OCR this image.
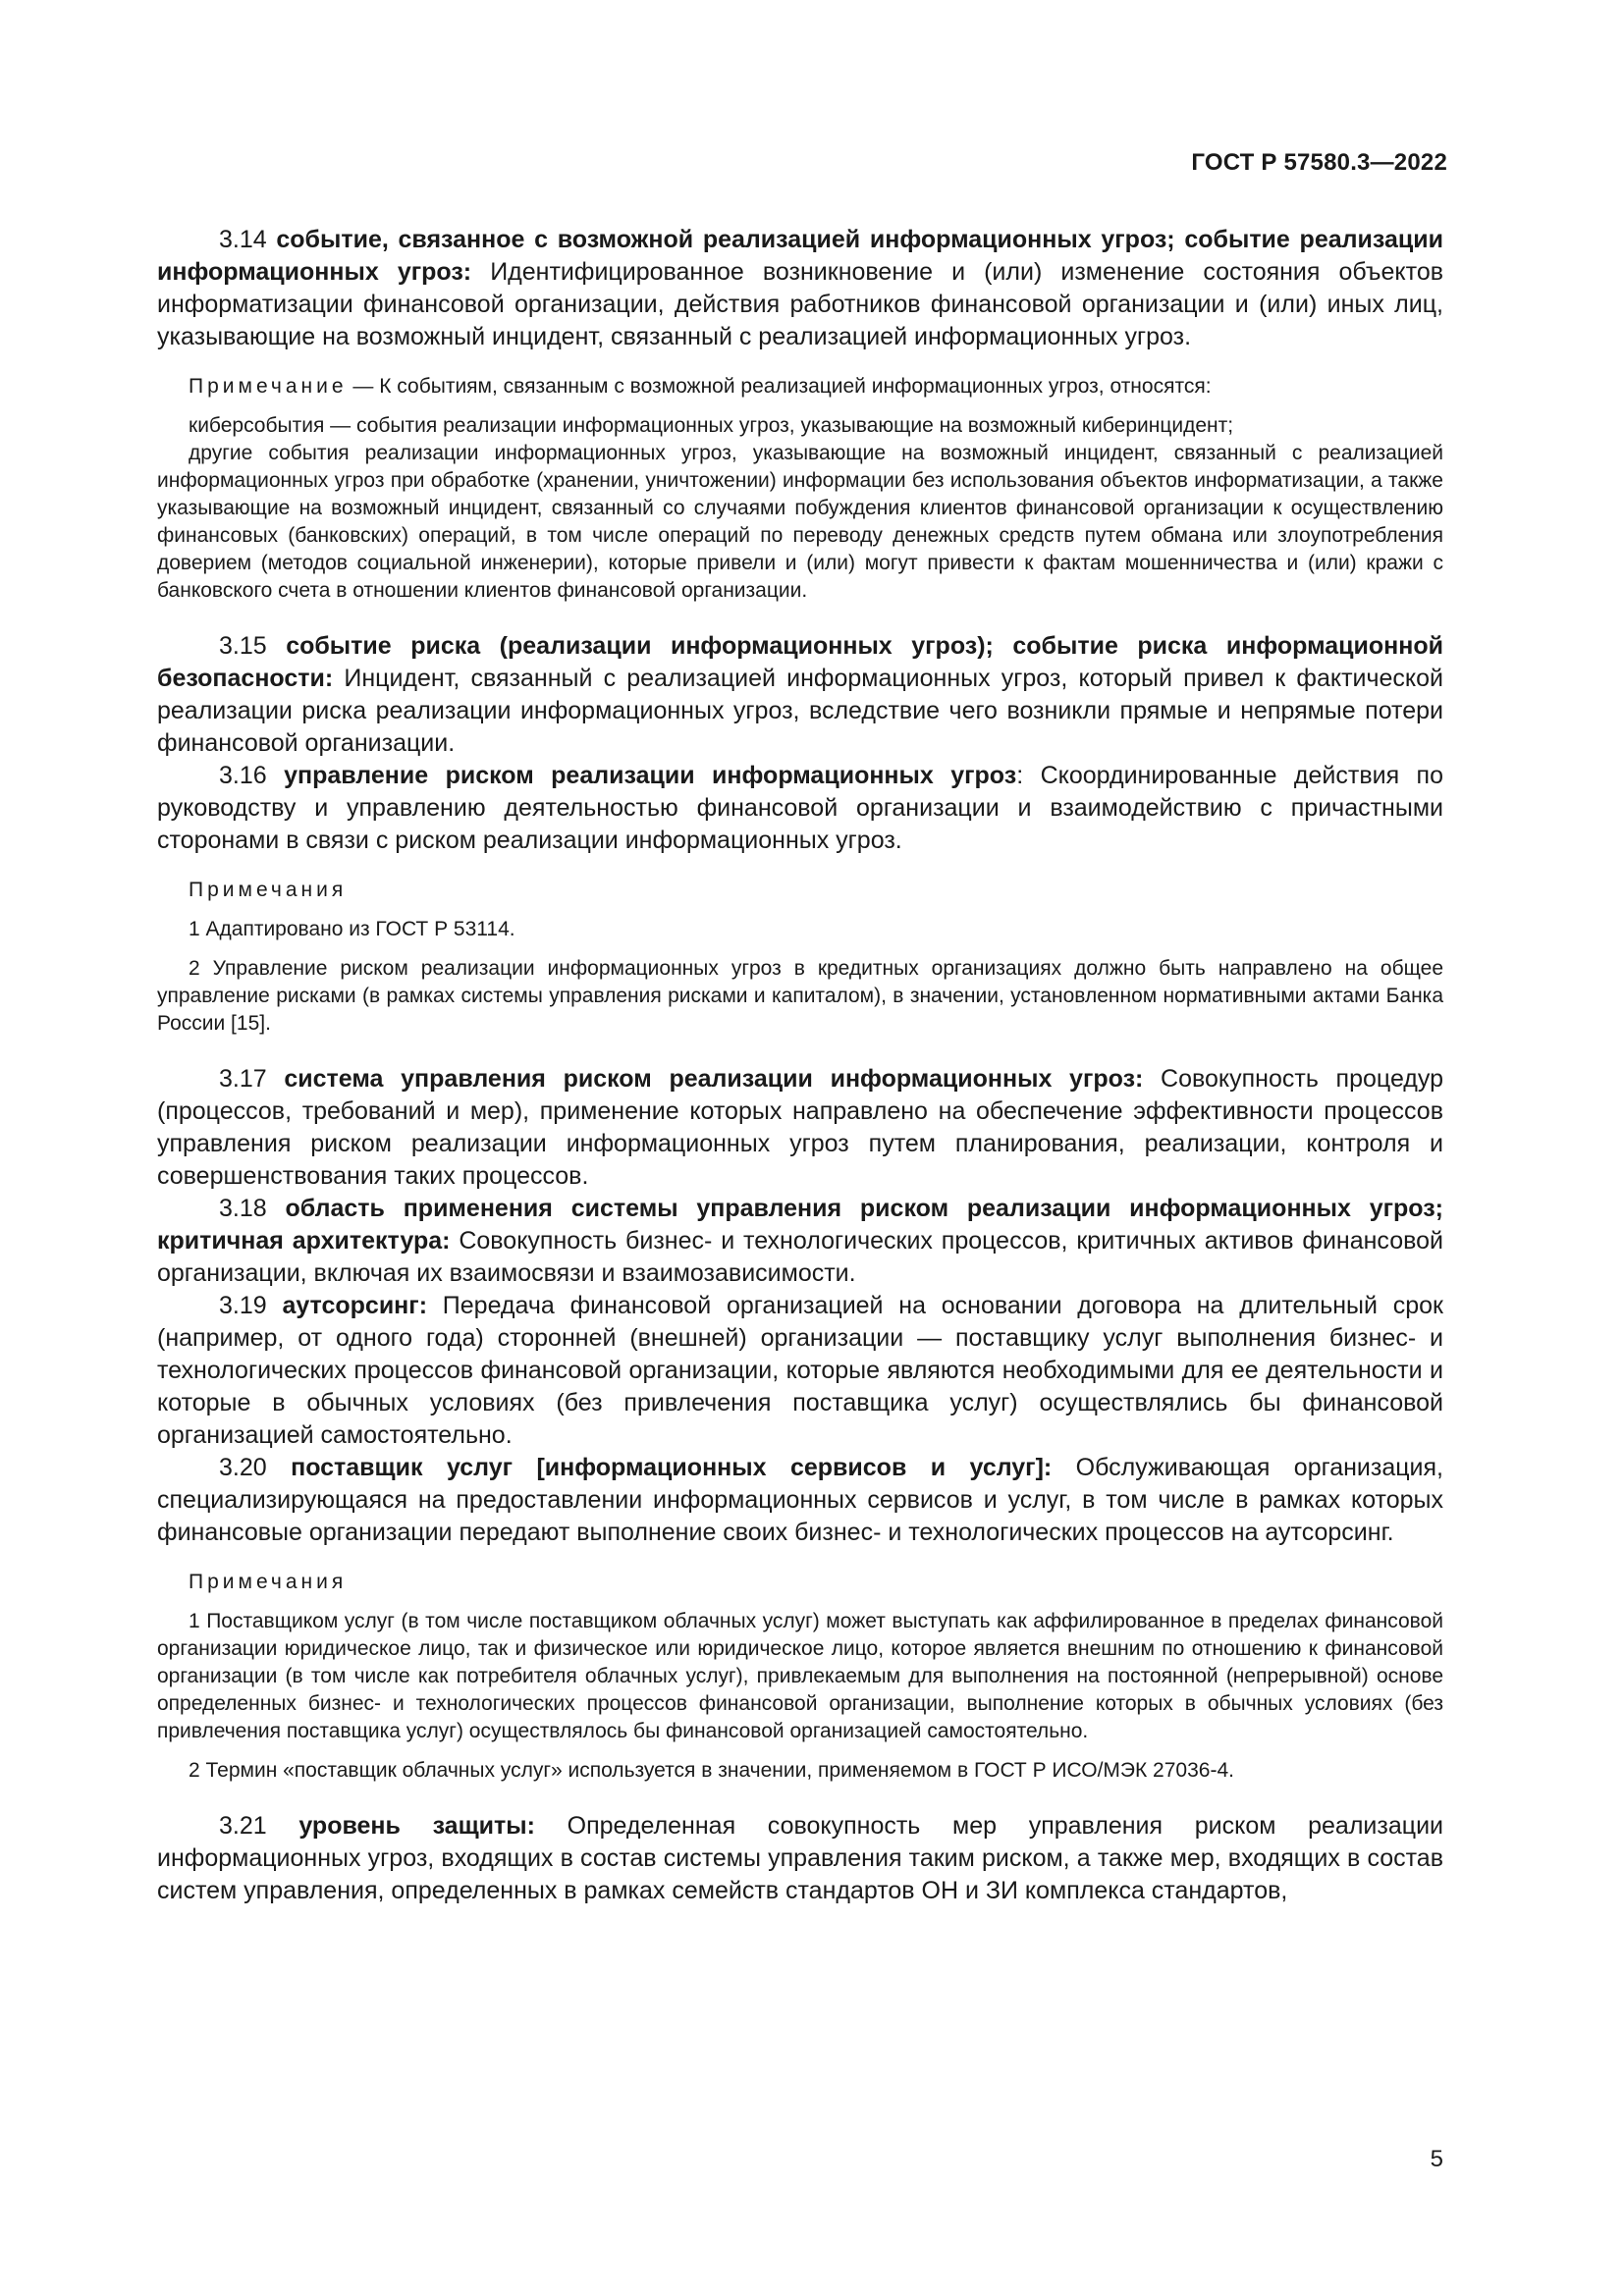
ГОСТ Р 57580.3—2022

3.14 событие, связанное с возможной реализацией информационных угроз; событие реализации информационных угроз: Идентифицированное возникновение и (или) изменение состояния объектов информатизации финансовой организации, действия работников финансовой организации и (или) иных лиц, указывающие на возможный инцидент, связанный с реализацией информационных угроз.

Примечание — К событиям, связанным с возможной реализацией информационных угроз, относятся:

киберсобытия — события реализации информационных угроз, указывающие на возможный киберинцидент;

другие события реализации информационных угроз, указывающие на возможный инцидент, связанный с реализацией информационных угроз при обработке (хранении, уничтожении) информации без использования объектов информатизации, а также указывающие на возможный инцидент, связанный со случаями побуждения клиентов финансовой организации к осуществлению финансовых (банковских) операций, в том числе операций по переводу денежных средств путем обмана или злоупотребления доверием (методов социальной инженерии), которые привели и (или) могут привести к фактам мошенничества и (или) кражи с банковского счета в отношении клиентов финансовой организации.

3.15 событие риска (реализации информационных угроз); событие риска информационной безопасности: Инцидент, связанный с реализацией информационных угроз, который привел к фактической реализации риска реализации информационных угроз, вследствие чего возникли прямые и непрямые потери финансовой организации.

3.16 управление риском реализации информационных угроз: Скоординированные действия по руководству и управлению деятельностью финансовой организации и взаимодействию с причастными сторонами в связи с риском реализации информационных угроз.

Примечания

1 Адаптировано из ГОСТ Р 53114.

2 Управление риском реализации информационных угроз в кредитных организациях должно быть направлено на общее управление рисками (в рамках системы управления рисками и капиталом), в значении, установленном нормативными актами Банка России [15].

3.17 система управления риском реализации информационных угроз: Совокупность процедур (процессов, требований и мер), применение которых направлено на обеспечение эффективности процессов управления риском реализации информационных угроз путем планирования, реализации, контроля и совершенствования таких процессов.

3.18 область применения системы управления риском реализации информационных угроз; критичная архитектура: Совокупность бизнес- и технологических процессов, критичных активов финансовой организации, включая их взаимосвязи и взаимозависимости.

3.19 аутсорсинг: Передача финансовой организацией на основании договора на длительный срок (например, от одного года) сторонней (внешней) организации — поставщику услуг выполнения бизнес- и технологических процессов финансовой организации, которые являются необходимыми для ее деятельности и которые в обычных условиях (без привлечения поставщика услуг) осуществлялись бы финансовой организацией самостоятельно.

3.20 поставщик услуг [информационных сервисов и услуг]: Обслуживающая организация, специализирующаяся на предоставлении информационных сервисов и услуг, в том числе в рамках которых финансовые организации передают выполнение своих бизнес- и технологических процессов на аутсорсинг.

Примечания

1 Поставщиком услуг (в том числе поставщиком облачных услуг) может выступать как аффилированное в пределах финансовой организации юридическое лицо, так и физическое или юридическое лицо, которое является внешним по отношению к финансовой организации (в том числе как потребителя облачных услуг), привлекаемым для выполнения на постоянной (непрерывной) основе определенных бизнес- и технологических процессов финансовой организации, выполнение которых в обычных условиях (без привлечения поставщика услуг) осуществлялось бы финансовой организацией самостоятельно.

2 Термин «поставщик облачных услуг» используется в значении, применяемом в ГОСТ Р ИСО/МЭК 27036-4.

3.21 уровень защиты: Определенная совокупность мер управления риском реализации информационных угроз, входящих в состав системы управления таким риском, а также мер, входящих в состав систем управления, определенных в рамках семейств стандартов ОН и ЗИ комплекса стандартов,

5
